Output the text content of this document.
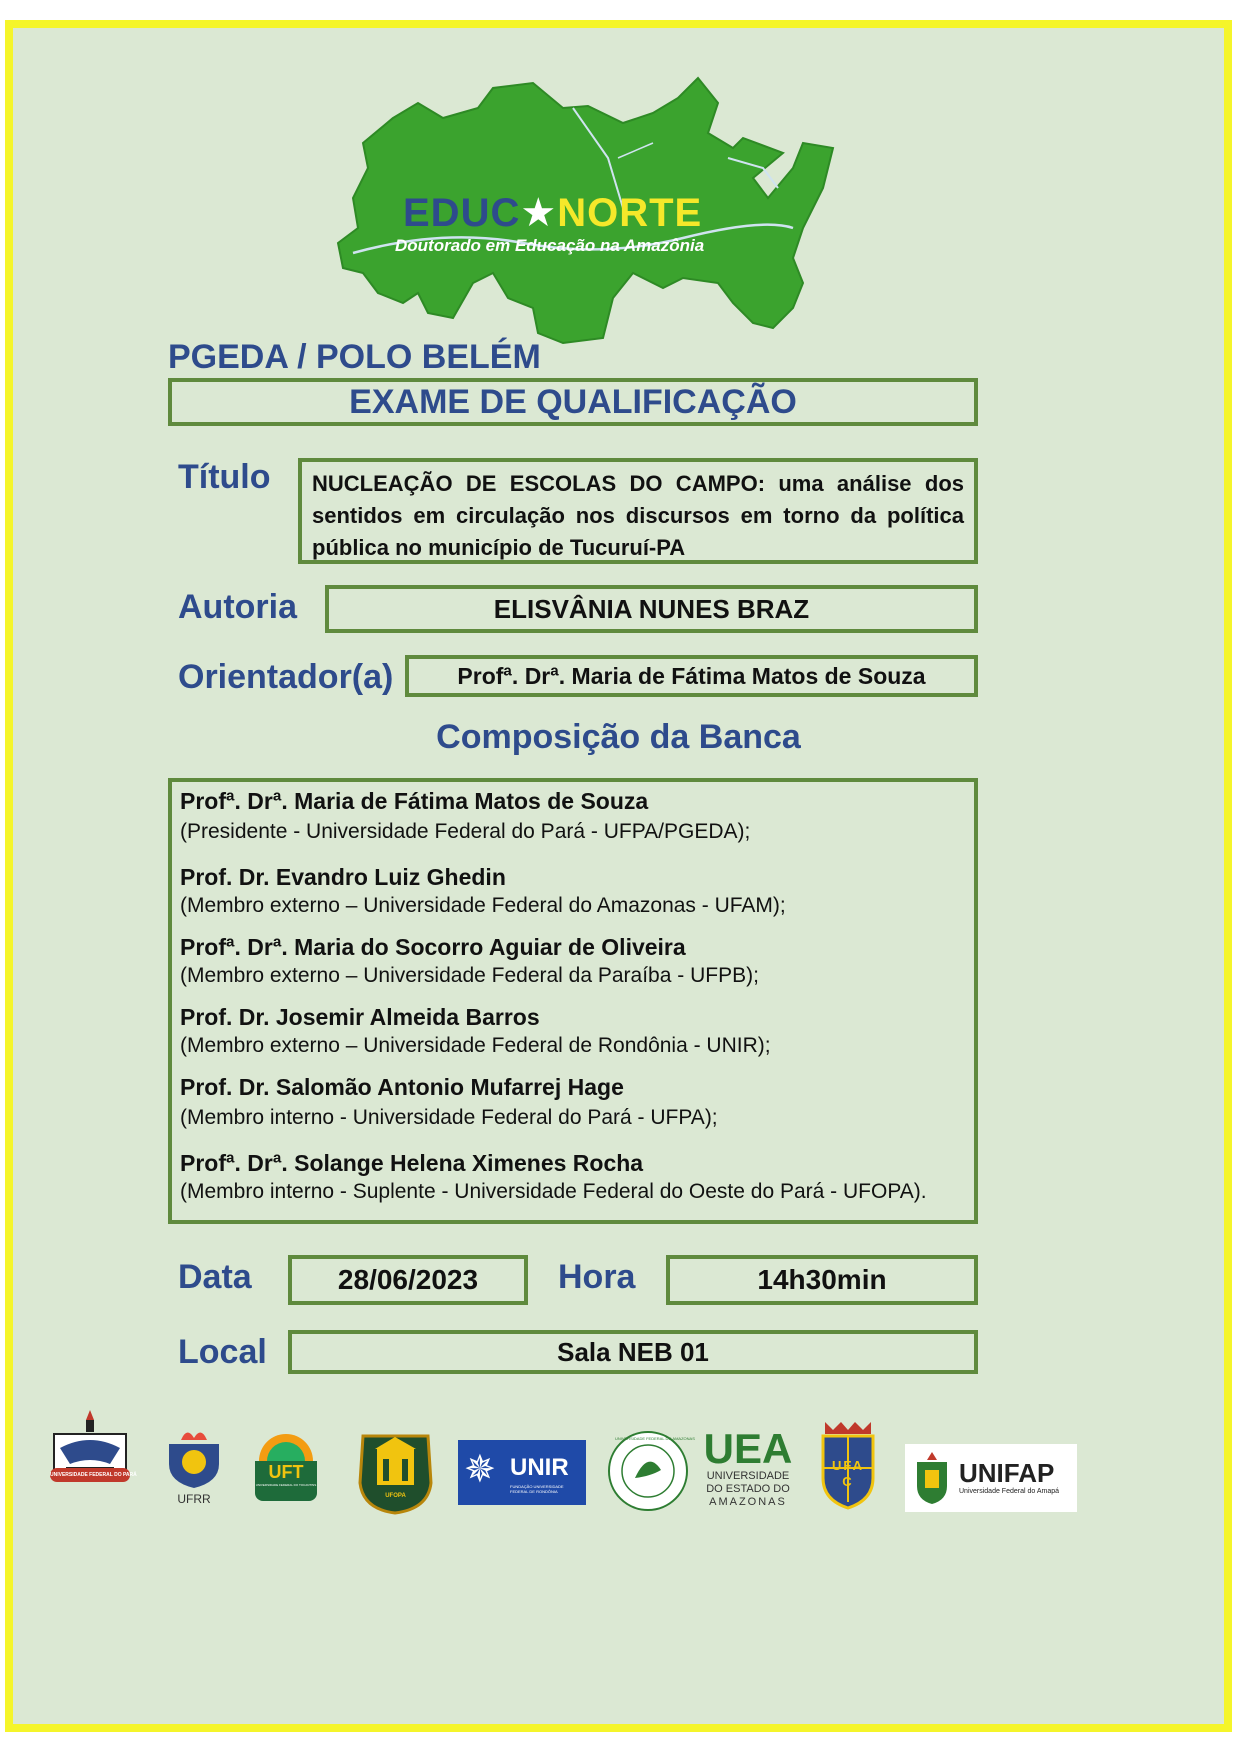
EDUC★NORTE
Doutorado em Educação na Amazônia
PGEDA / POLO BELÉM
EXAME DE QUALIFICAÇÃO
Título NUCLEAÇÃO DE ESCOLAS DO CAMPO: uma análise dos sentidos em circulação nos discursos em torno da política pública no município de Tucuruí-PA
Autoria	ELISVÂNIA NUNES BRAZ
Orientador(a)	Profª. Drª. Maria de Fátima Matos de Souza
Composição da Banca
Profª. Drª. Maria de Fátima Matos de Souza
(Presidente - Universidade Federal do Pará - UFPA/PGEDA);
Prof. Dr. Evandro Luiz Ghedin
(Membro externo – Universidade Federal do Amazonas - UFAM);
Profª. Drª. Maria do Socorro Aguiar de Oliveira
(Membro externo – Universidade Federal da Paraíba - UFPB);
Prof. Dr. Josemir Almeida Barros
(Membro externo – Universidade Federal de Rondônia - UNIR);
Prof. Dr. Salomão Antonio Mufarrej Hage
(Membro interno - Universidade Federal do Pará - UFPA);
Profª. Drª. Solange Helena Ximenes Rocha
(Membro interno - Suplente - Universidade Federal do Oeste do Pará - UFOPA).
Data	28/06/2023 Hora	14h30min
Local	Sala NEB 01
UNIVERSIDADE FEDERAL DO PARÁ
UFRR
UFT
UNIVERSIDADE FEDERAL DO TOCANTINS
UFOPA
✵ UNIR
FUNDAÇÃO UNIVERSIDADE FEDERAL DE RONDÔNIA
UNIVERSIDADE FEDERAL DO AMAZONAS UEA
UNIVERSIDADE
DO ESTADO DO
AMAZONAS
UFAC	UNIFAP
Universidade Federal do Amapá
